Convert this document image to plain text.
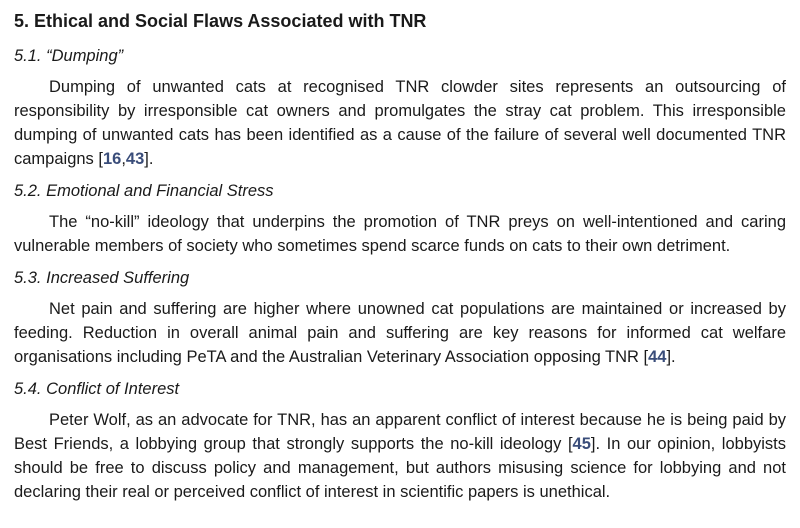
5. Ethical and Social Flaws Associated with TNR
5.1. “Dumping”

Dumping of unwanted cats at recognised TNR clowder sites represents an outsourcing of responsibility by irresponsible cat owners and promulgates the stray cat problem. This irresponsible dumping of unwanted cats has been identified as a cause of the failure of several well documented TNR campaigns [16,43].

5.2. Emotional and Financial Stress

The “no-kill” ideology that underpins the promotion of TNR preys on well-intentioned and caring vulnerable members of society who sometimes spend scarce funds on cats to their own detriment.

5.3. Increased Suffering

Net pain and suffering are higher where unowned cat populations are maintained or increased by feeding. Reduction in overall animal pain and suffering are key reasons for informed cat welfare organisations including PeTA and the Australian Veterinary Association opposing TNR [44].

5.4. Conflict of Interest

Peter Wolf, as an advocate for TNR, has an apparent conflict of interest because he is being paid by Best Friends, a lobbying group that strongly supports the no-kill ideology [45]. In our opinion, lobbyists should be free to discuss policy and management, but authors misusing science for lobbying and not declaring their real or perceived conflict of interest in scientific papers is unethical.
